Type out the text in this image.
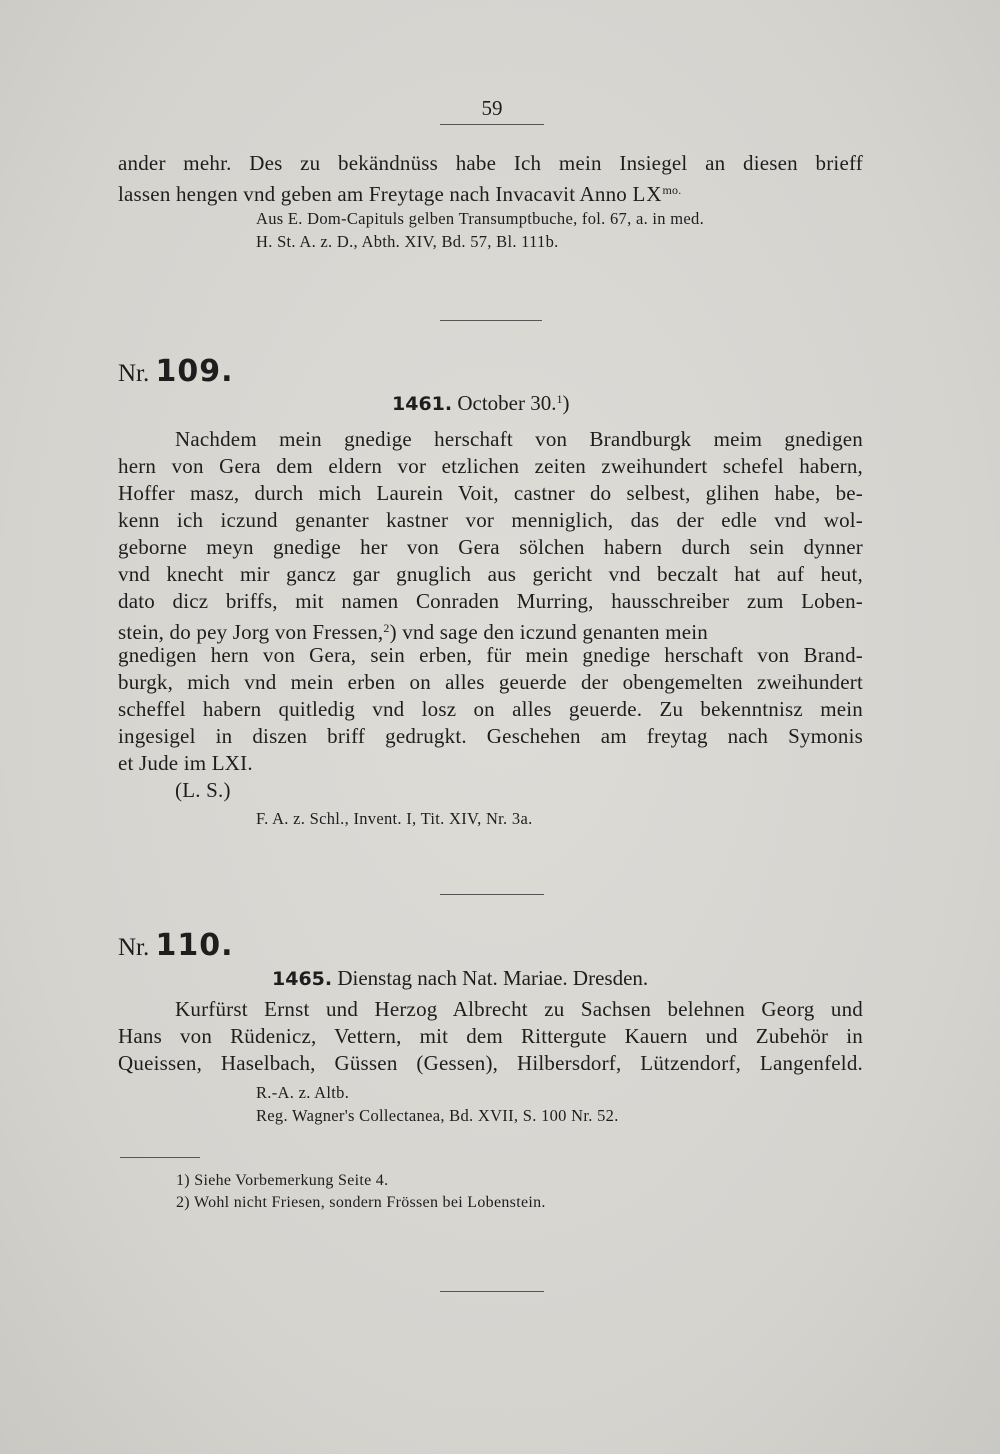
59
ander mehr. Des zu bekändnüss habe Ich mein Insiegel an diesen brieff
lassen hengen vnd geben am Freytage nach Invacavit Anno $LX^{mo.}$
Aus E. Dom-Capituls gelben Transumptbuche, fol. 67, a. in med.
H. St. A. z. D., Abth. XIV, Bd. 57, Bl. 111b.
Nr. 109.
1461. October 30.$^1$)
Nachdem mein gnedige herschaft von Brandburgk meim gnedigen
hern von Gera dem eldern vor etzlichen zeiten zweihundert schefel habern,
Hoffer masz, durch mich Laurein Voit, castner do selbest, glihen habe, be-
kenn ich iczund genanter kastner vor menniglich, das der edle vnd wol-
geborne meyn gnedige her von Gera sölchen habern durch sein dynner
vnd knecht mir gancz gar gnuglich aus gericht vnd beczalt hat auf heut,
dato dicz briffs, mit namen Conraden Murring, hausschreiber zum Loben-
stein, do pey Jorg von Fressen,$^2$) vnd sage den iczund genanten mein
gnedigen hern von Gera, sein erben, für mein gnedige herschaft von Brand-
burgk, mich vnd mein erben on alles geuerde der obengemelten zweihundert
scheffel habern quitledig vnd losz on alles geuerde. Zu bekenntnisz mein
ingesigel in diszen briff gedrugkt. Geschehen am freytag nach Symonis
et Jude im LXI.
(L. S.)
F. A. z. Schl., Invent. I, Tit. XIV, Nr. 3a.
Nr. 110.
1465. Dienstag nach Nat. Mariae. Dresden.
Kurfürst Ernst und Herzog Albrecht zu Sachsen belehnen Georg und
Hans von Rüdenicz, Vettern, mit dem Rittergute Kauern und Zubehör in
Queissen, Haselbach, Güssen (Gessen), Hilbersdorf, Lützendorf, Langenfeld.
R.-A. z. Altb.
Reg. Wagner's Collectanea, Bd. XVII, S. 100 Nr. 52.
1) Siehe Vorbemerkung Seite 4.
2) Wohl nicht Friesen, sondern Frössen bei Lobenstein.
